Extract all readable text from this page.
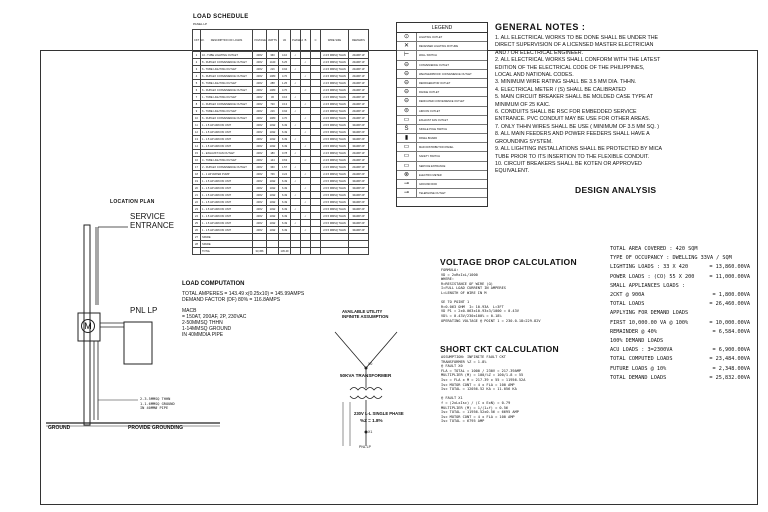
LOCATION PLAN
SERVICE ENTRANCE
PNL LP
M
2-3.5MMSQ THHN
1-1.6MMSQ GROUND
IN 40MMØ PIPE
GROUND	PROVIDE GROUNDING
LOAD SCHEDULE
PANEL LP
CKT NO.	DESCRIPTION OF LOADS	VOLTAGE	WATTS	VA	PHASE A	B	C	WIRE SIZE	REMARKS
1	10 - TUBE LIGHTING OUTLET	230V	360	4.10	✓			2-3.5 MMSQ THHN	20AMP 1P
2	8 - DUPLEX CONVENIENCE OUTLET	230V	1440	6.25		✓		2-3.5 MMSQ THHN	20AMP 1P
3	6 - TUBE LIGHTING OUTLET	230V	216	0.94	✓			2-3.5 MMSQ THHN	20AMP 1P
4	6 - DUPLEX CONVENIENCE OUTLET	230V	1080	4.70		✓		2-3.5 MMSQ THHN	20AMP 1P
5	8 - TUBE LIGHTING OUTLET	230V	288	1.25	✓			2-3.5 MMSQ THHN	20AMP 1P
6	6 - DUPLEX CONVENIENCE OUTLET	230V	1080	4.70		✓		2-3.5 MMSQ THHN	20AMP 1P
7	1 - TUBE LIGHTING OUTLET	230V	36	0.16	✓			2-3.5 MMSQ THHN	20AMP 1P
8	4 - DUPLEX CONVENIENCE OUTLET	230V	720	3.13		✓		2-3.5 MMSQ THHN	20AMP 1P
9	6 - TUBE LIGHTING OUTLET	230V	216	0.94	✓			2-3.5 MMSQ THHN	20AMP 1P
10	6 - DUPLEX CONVENIENCE OUTLET	230V	1080	4.70		✓		2-3.5 MMSQ THHN	20AMP 1P
11	1 - 1.5 HP AIRCON UNIT	230V	1492	6.49	✓			2-5.5 MMSQ THHN	30AMP 2P
12	1 - 1.5 HP AIRCON UNIT	230V	1492	6.49		✓		2-5.5 MMSQ THHN	30AMP 2P
13	1 - 1.5 HP AIRCON UNIT	230V	1492	6.49	✓			2-5.5 MMSQ THHN	30AMP 2P
14	1 - 1.5 HP AIRCON UNIT	230V	1492	6.49		✓		2-5.5 MMSQ THHN	30AMP 2P
15	1 - EXHAUST FAN OUTLET	230V	180	0.78	✓			2-3.5 MMSQ THHN	20AMP 1P
16	4 - TUBE LIGHTING OUTLET	230V	144	0.63		✓		2-3.5 MMSQ THHN	20AMP 1P
17	2 - DUPLEX CONVENIENCE OUTLET	230V	360	1.57	✓			2-3.5 MMSQ THHN	20AMP 1P
18	1 - 1 HP WATER PUMP	230V	746	3.24		✓		2-3.5 MMSQ THHN	20AMP 2P
19	1 - 1.5 HP AIRCON UNIT	230V	1492	6.49	✓			2-5.5 MMSQ THHN	30AMP 2P
20	1 - 1.5 HP AIRCON UNIT	230V	1492	6.49		✓		2-5.5 MMSQ THHN	30AMP 2P
21	1 - 1.5 HP AIRCON UNIT	230V	1492	6.49	✓			2-5.5 MMSQ THHN	30AMP 2P
22	1 - 1.5 HP AIRCON UNIT	230V	1492	6.49		✓		2-5.5 MMSQ THHN	30AMP 2P
23	1 - 1.5 HP AIRCON UNIT	230V	1492	6.49	✓			2-5.5 MMSQ THHN	30AMP 2P
24	1 - 1.5 HP AIRCON UNIT	230V	1492	6.49		✓		2-5.5 MMSQ THHN	30AMP 2P
25	1 - 1.5 HP AIRCON UNIT	230V	1492	6.49	✓			2-5.5 MMSQ THHN	30AMP 2P
26	1 - 1.5 HP AIRCON UNIT	230V	1492	6.49		✓		2-5.5 MMSQ THHN	30AMP 2P
27	SPARE								
28	SPARE								
	TOTAL	33,456		145.49					
LOAD COMPUTATION
TOTAL AMPERES = 143.49 x(0.25x10) = 145.99AMPS
DEMAND FACTOR (DF) 80% = 116.8AMPS
MACB
= 150AT, 200AF, 2P, 230VAC
2-50MMSQ THHN
1-14MMSQ GROUND
IN 40MMDIA PIPE
AVAILABLE UTILITY
INFINITE ASSUMPTION
X0
50KVA TRANSFORMER
230V L-L SINGLE PHASE
%Z = 1.8%
X1
PNL LP
LEGEND
⊙	LIGHTING OUTLET
✕	RECESSED LIGHTING FIXTURE
⊢	WALL SWITCH
⊖	CONVENIENCE OUTLET
⊖	WEATHERPROOF CONVENIENCE OUTLET
⊖	REFRIGERATOR OUTLET
⊖	RANGE OUTLET
⊖	DEDICATED CONVENIENCE OUTLET
⊜	AIRCON OUTLET
▭	EXHAUST FAN OUTLET
S	SINGLE POLE SWITCH
▮	PANEL BOARD
▭	MAIN DISTRIBUTION PANEL
▭	SAFETY SWITCH
▭	SERVICE ENTRANCE
⊗	ELECTRIC METER
⊸	GROUND ROD
⊸	TELEPHONE OUTLET
GENERAL NOTES :
1. ALL ELECTRICAL WORKS TO BE DONE SHALL BE UNDER THE
DIRECT SUPERVISION OF A LICENSED MASTER ELECTRICIAN
AND / OR ELECTRICAL ENGINEER.
2. ALL ELECTRICAL WORKS SHALL CONFORM WITH THE LATEST
EDITION OF THE ELECTRICAL CODE OF THE PHILIPPINES,
LOCAL AND NATIONAL CODES.
3. MINIMUM WIRE RATING SHALL BE 3.5 MM DIA. THHN.
4. ELECTRICAL METER / (S) SHALL BE CALIBRATED
5. MAIN CIRCUIT BREAKER SHALL BE MOLDED CASE TYPE AT
MINIMUM OF 25 KAIC.
6. CONDUITS SHALL BE RSC FOR EMBEDDED SERVICE
ENTRANCE. PVC CONDUIT MAY BE USE FOR OTHER AREAS.
7. ONLY THHN WIRES SHALL BE USE ( MINIMUM OF 3.5 MM SQ. )
8. ALL MAIN FEEDERS AND POWER FEEDERS SHALL HAVE A
GROUNDING SYSTEM.
9. ALL LIGHTING INSTALLATIONS SHALL BE PROTECTED BY MICA
TUBE PRIOR TO ITS INSERTION TO THE FLEXIBLE CONDUIT.
10. CIRCUIT BREAKERS SHALL BE KOTEN OR APPROVED
EQUIVALENT.
DESIGN ANALYSIS
TOTAL AREA COVERED : 420 SQM
TYPE OF OCCUPANCY : DWELLING 33VA / SQM
LIGHTING LOADS : 33 X 420	= 13,860.00VA
POWER LOADS : (CO) 55 X 200	= 11,000.00VA
SMALL APPLIANCES LOADS :
2CKT @ 900A	= 1,800.00VA
TOTAL LOADS	= 26,460.00VA
APPLYING FOR DEMAND LOADS
FIRST 10,000.00 VA @ 100%	= 10,000.00VA
REMAINDER @ 40%	= 6,584.00VA
100% DEMAND LOADS
ACU LOADS : 3=2300VA	= 6,900.00VA
TOTAL COMPUTED LOADS	= 23,484.00VA
FUTURE LOADS @ 10%	= 2,348.00VA
TOTAL DEMAND LOADS	= 25,832.00VA
VOLTAGE DROP CALCULATION
FORMULA:
VD = 2xRxIxL/1000
WHERE:
R=RESISTANCE OF WIRE (Ω)
I=FULL LOAD CURRENT IN AMPERES
L=LENGTH OF WIRE IN M
SE TO POINT 1
R=0.063 OHM  I= 10.93A  L=3FT
VD P1 = 2x0.063x10.93x3/1000 = 0.43V
VD% = 0.43V/230x100% = 0.18%
OPERATING VOLTAGE @ POINT 1 = 230-0.18=229.82V
SHORT CKT CALCULATION
ASSUMPTION: INFINITE FAULT CKT
TRANSFORMER %Z = 1.8%
@ FAULT X0
FLA = TOTAL = 1000 / 230V = 217.39AMP
MULTIPLIER (M) = 100/%Z = 100/1.8 = 55
Isc = FLA x M = 217.39 x 55 = 11956.52A
Isc MOTOR CONT = 4 x FLA = 100 AMP
Isc TOTAL = 12056.52 KA = 11.056 KA
@ FAULT X1
f = (2xLxIsc) / (C x ExN) = 0.79
MULTIPLIER (M) = 1/(1+f) = 0.56
Isc TOTAL = 11956.52x0.56 = 6695 AMP
Isc MOTOR CONT = 4 x FLA = 100 AMP
Isc TOTAL = 6795 AMP
